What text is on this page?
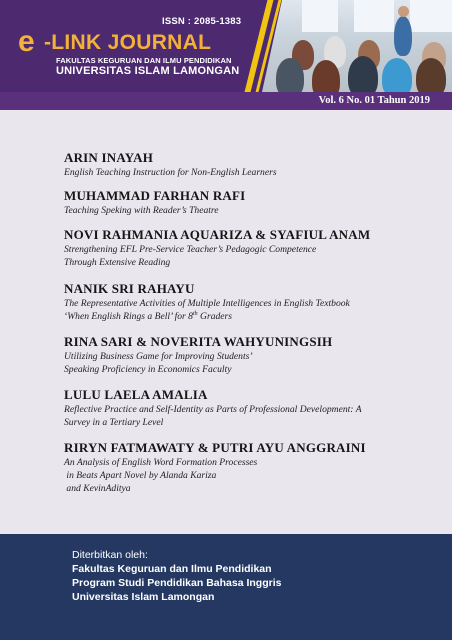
ISSN : 2085-1383
e -LINK JOURNAL
FAKULTAS KEGURUAN DAN ILMU PENDIDIKAN
UNIVERSITAS ISLAM LAMONGAN
Vol. 6 No. 01 Tahun 2019
ARIN INAYAH
English Teaching Instruction for Non-English Learners
MUHAMMAD FARHAN RAFI
Teaching Speking with Reader’s Theatre
NOVI RAHMANIA AQUARIZA & SYAFIUL ANAM
Strengthening EFL Pre-Service Teacher’s Pedagogic Competence
Through Extensive Reading
NANIK SRI RAHAYU
The Representative Activities of Multiple Intelligences in English Textbook
‘When English Rings a Bell’ for 8th Graders
RINA SARI & NOVERITA WAHYUNINGSIH
Utilizing Business Game for Improving Students’
Speaking Proficiency in Economics Faculty
LULU LAELA AMALIA
Reflective Practice and Self-Identity as Parts of Professional Development: A
Survey in a Tertiary Level
RIRYN FATMAWATY & PUTRI AYU ANGGRAINI
An Analysis of English Word Formation Processes
in Beats Apart Novel by Alanda Kariza
and KevinAditya
Diterbitkan oleh:
Fakultas Keguruan dan Ilmu Pendidikan
Program Studi Pendidikan Bahasa Inggris
Universitas Islam Lamongan
